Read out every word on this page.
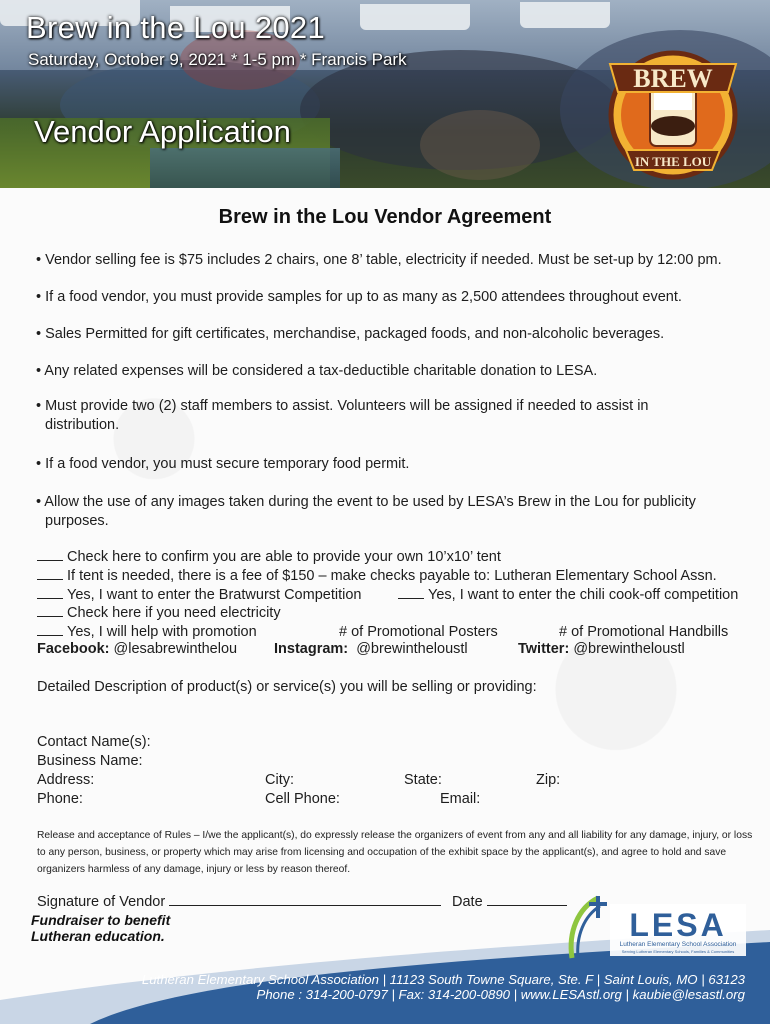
Brew in the Lou 2021
Saturday, October 9, 2021 * 1-5 pm * Francis Park
Vendor Application
BREW
IN THE LOU
Brew in the Lou Vendor Agreement
• Vendor selling fee is $75 includes 2 chairs, one 8’ table, electricity if needed. Must be set-up by 12:00 pm.
• If a food vendor, you must provide samples for up to as many as 2,500 attendees throughout event.
• Sales Permitted for gift certificates, merchandise, packaged foods, and non-alcoholic beverages.
• Any related expenses will be considered a tax-deductible charitable donation to LESA.
• Must provide two (2) staff members to assist. Volunteers will be assigned if needed to assist in
distribution.
• If a food vendor, you must secure temporary food permit.
• Allow the use of any images taken during the event to be used by LESA’s Brew in the Lou for publicity
purposes.
Check here to confirm you are able to provide your own 10’x10’ tent
If tent is needed, there is a fee of $150 – make checks payable to: Lutheran Elementary School Assn.
Yes, I want to enter the Bratwurst Competition	Yes, I want to enter the chili cook-off competition
Check here if you need electricity
Yes, I will help with promotion	# of Promotional Posters	# of Promotional Handbills
Facebook: @lesabrewinthelou	Instagram: @brewintheloustl	Twitter: @brewintheloustl
Detailed Description of product(s) or service(s) you will be selling or providing:
Contact Name(s):
Business Name:
Address:	City:	State:	Zip:
Phone:	Cell Phone:	Email:
Release and acceptance of Rules – I/we the applicant(s), do expressly release the organizers of event from any and all liability for any damage, injury, or loss to any person, business, or property which may arise from licensing and occupation of the exhibit space by the applicant(s), and agree to hold and save organizers harmless of any damage, injury or less by reason thereof.
Signature of Vendor	Date
Fundraiser to benefit
Lutheran education.
Lutheran Elementary School Association | 11123 South Towne Square, Ste. F | Saint Louis, MO | 63123
Phone : 314-200-0797 | Fax: 314-200-0890 | www.LESAstl.org | kaubie@lesastl.org
LESA
Lutheran Elementary School Association
Serving Lutheran Elementary Schools, Families & Communities
